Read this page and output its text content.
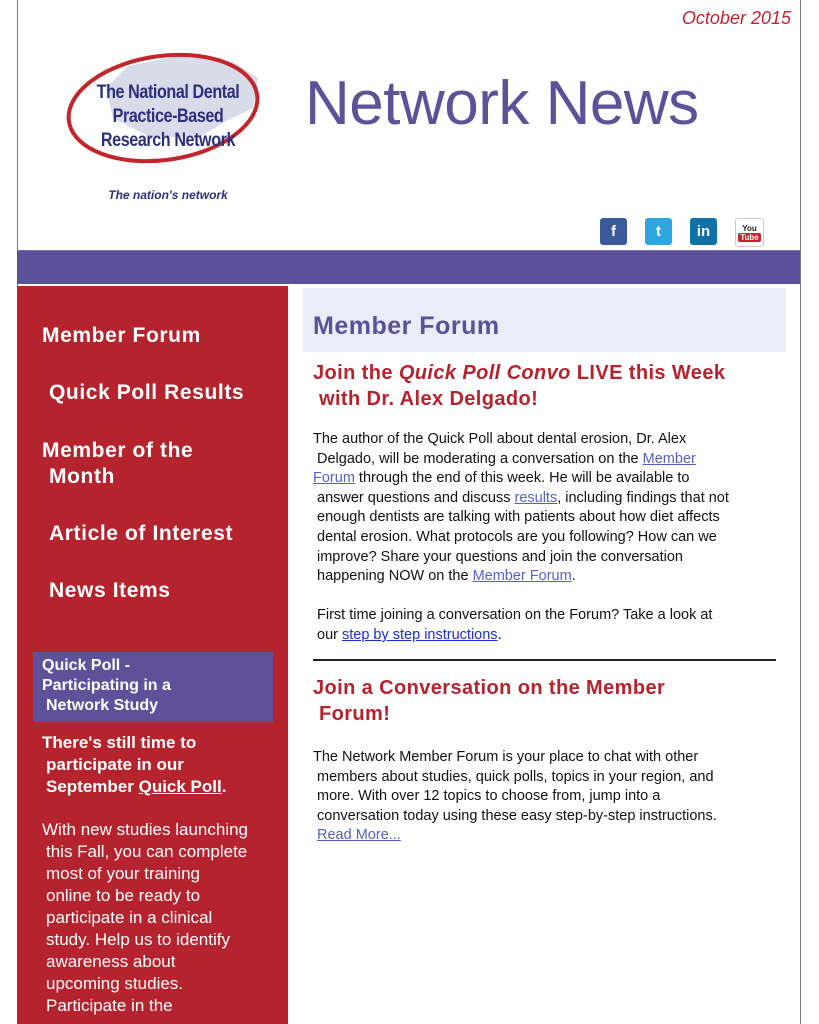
October 2015
The National Dental
Practice-Based
Research Network
The nation's network
Network News
f	t in	You
Tube
Member Forum
Quick Poll Results
Member of the
Month
Article of Interest
News Items
Quick Poll -
Participating in a
Network Study
There's still time to
participate in our
September Quick Poll.
With new studies launching
this Fall, you can complete
most of your training
online to be ready to
participate in a clinical
study. Help us to identify
awareness about
upcoming studies.
Participate in the
Member Forum
Join the Quick Poll Convo LIVE this Week
with Dr. Alex Delgado!
The author of the Quick Poll about dental erosion, Dr. Alex
Delgado, will be moderating a conversation on the Member
Forum through the end of this week. He will be available to
answer questions and discuss results, including findings that not
enough dentists are talking with patients about how diet affects
dental erosion. What protocols are you following? How can we
improve? Share your questions and join the conversation
happening NOW on the Member Forum.
First time joining a conversation on the Forum? Take a look at
our step by step instructions.
Join a Conversation on the Member
Forum!
The Network Member Forum is your place to chat with other
members about studies, quick polls, topics in your region, and
more. With over 12 topics to choose from, jump into a
conversation today using these easy step-by-step instructions.
Read More...
